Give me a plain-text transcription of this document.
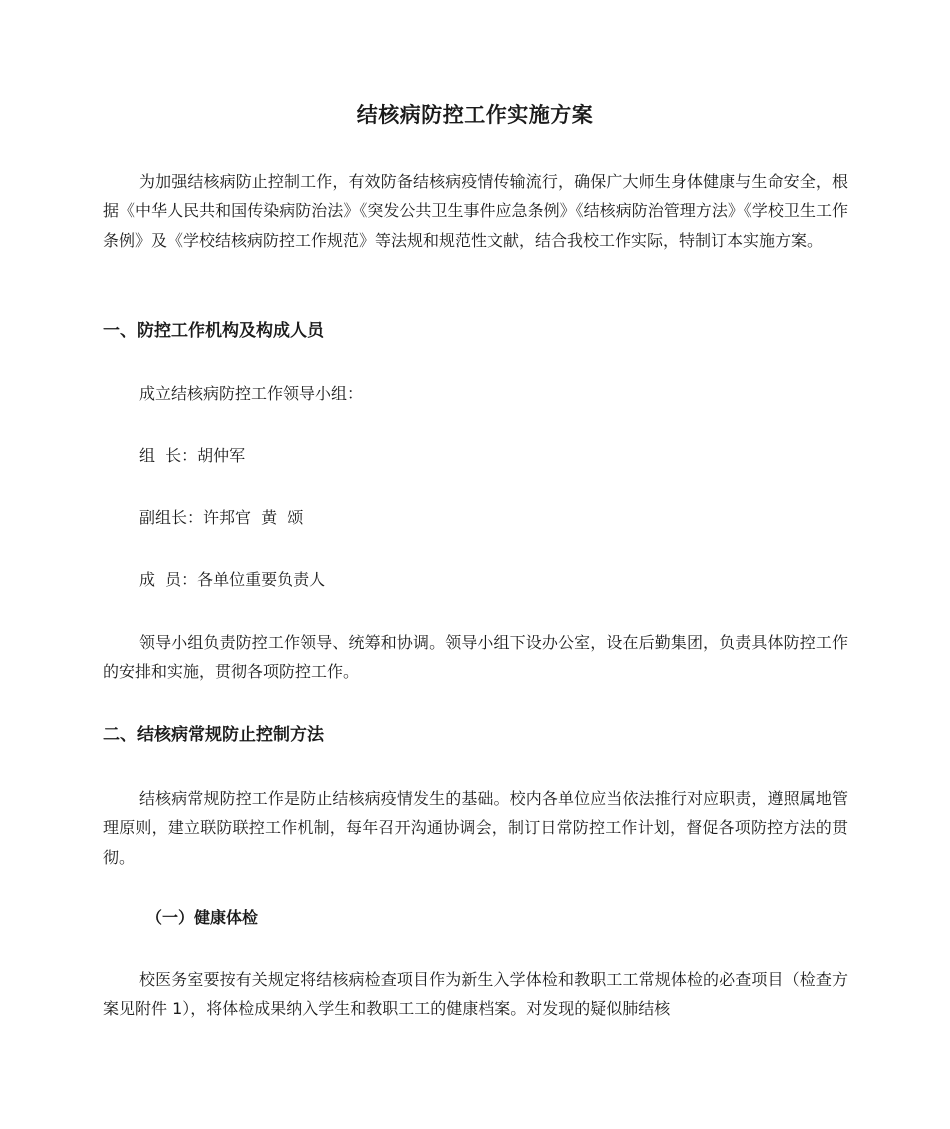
结核病防控工作实施方案

为加强结核病防止控制工作，有效防备结核病疫情传输流行，确保广大师生身体健康与生命安全，根据《中华人民共和国传染病防治法》《突发公共卫生事件应急条例》《结核病防治管理方法》《学校卫生工作条例》及《学校结核病防控工作规范》等法规和规范性文献，结合我校工作实际，特制订本实施方案。

一、防控工作机构及构成人员

成立结核病防控工作领导小组：

组  长：胡仲军

副组长：许邦官  黄  颂

成  员：各单位重要负责人

领导小组负责防控工作领导、统筹和协调。领导小组下设办公室，设在后勤集团，负责具体防控工作的安排和实施，贯彻各项防控工作。

二、结核病常规防止控制方法

结核病常规防控工作是防止结核病疫情发生的基础。校内各单位应当依法推行对应职责，遵照属地管理原则，建立联防联控工作机制，每年召开沟通协调会，制订日常防控工作计划，督促各项防控方法的贯彻。

（一）健康体检

校医务室要按有关规定将结核病检查项目作为新生入学体检和教职工工常规体检的必查项目（检查方案见附件 1），将体检成果纳入学生和教职工工的健康档案。对发现的疑似肺结核
